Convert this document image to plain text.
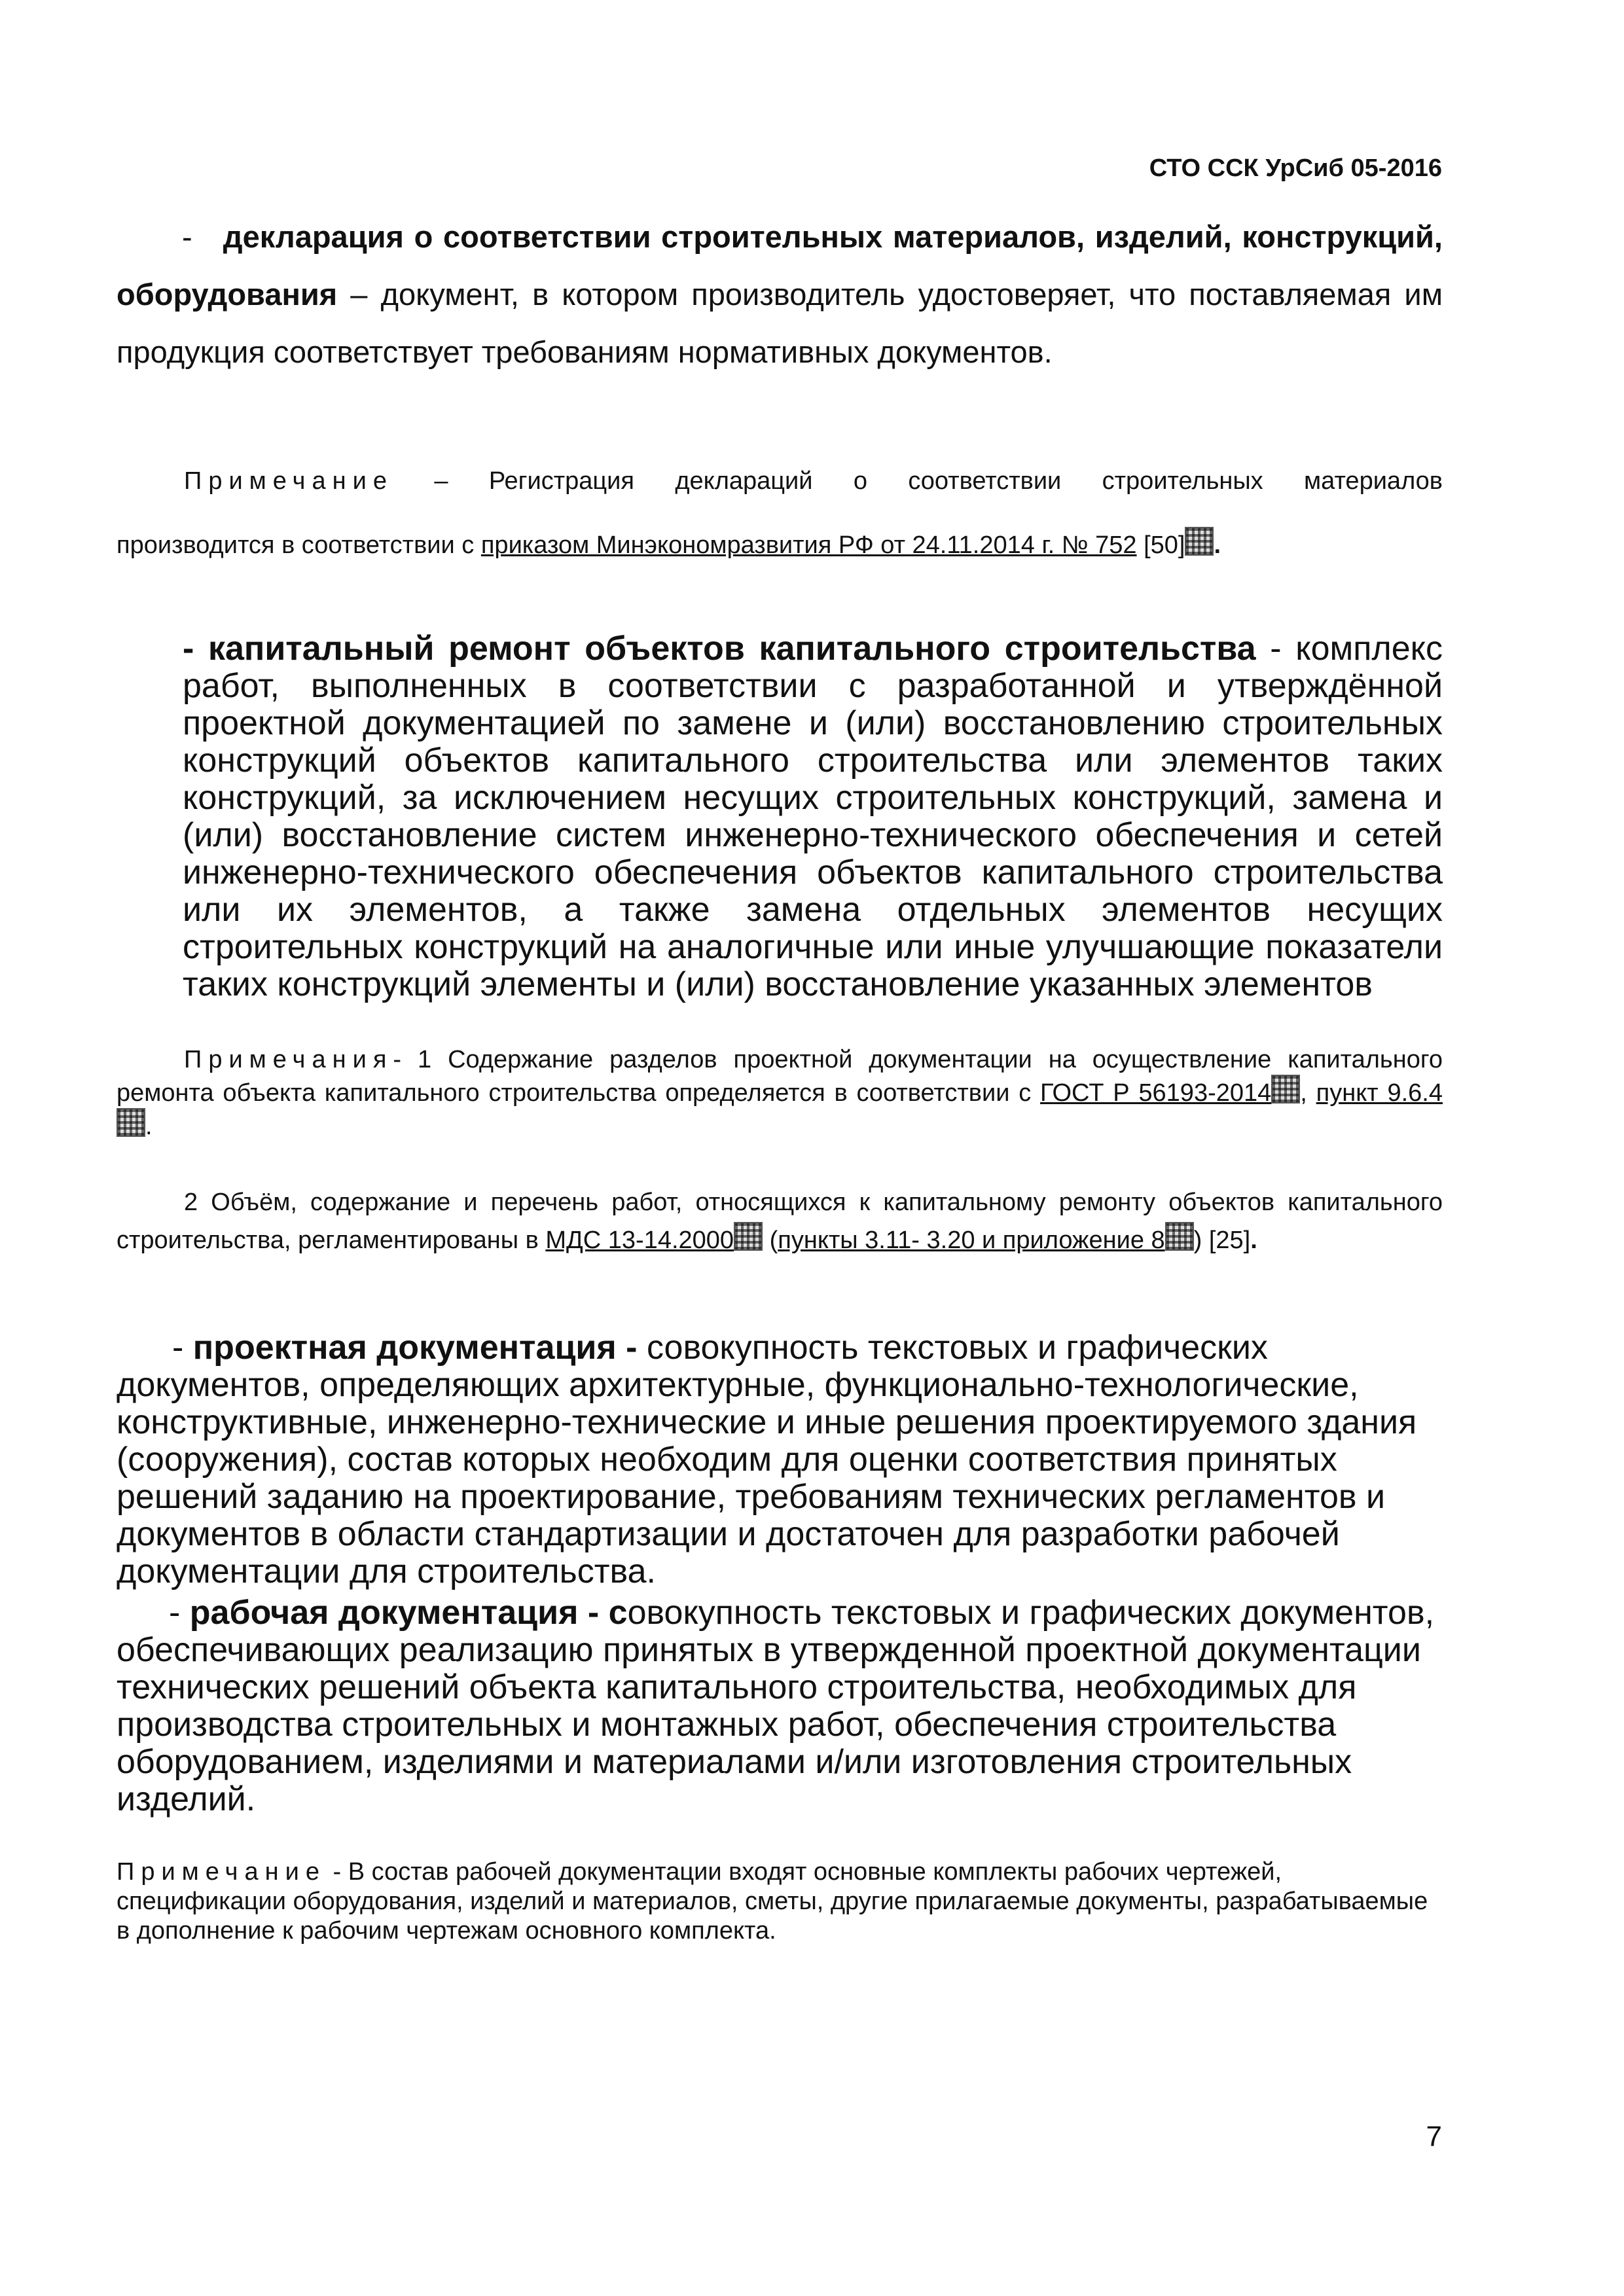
СТО ССК УрСиб 05-2016

- декларация о соответствии строительных материалов, изделий, конструкций, оборудования – документ, в котором производитель удостоверяет, что поставляемая им продукция соответствует требованиям нормативных документов.

Примечание – Регистрация деклараций о соответствии строительных материалов
производится в соответствии с приказом Минэкономразвития РФ от 24.11.2014 г. № 752 [50] .

- капитальный ремонт объектов капитального строительства - комплекс работ, выполненных в соответствии с разработанной и утверждённой проектной документацией по замене и (или) восстановлению строительных конструкций объектов капитального строительства или элементов таких конструкций, за исключением несущих строительных конструкций, замена и (или) восстановление систем инженерно-технического обеспечения и сетей инженерно-технического обеспечения объектов капитального строительства или их элементов, а также замена отдельных элементов несущих строительных конструкций на аналогичные или иные улучшающие показатели таких конструкций элементы и (или) восстановление указанных элементов

Примечания- 1 Содержание разделов проектной документации на осуществление капитального ремонта объекта капитального строительства определяется в соответствии с ГОСТ Р 56193-2014 , пункт 9.6.4.

2 Объём, содержание и перечень работ, относящихся к капитальному ремонту объектов капитального строительства, регламентированы в МДС 13-14.2000 (пункты 3.11- 3.20 и приложение 8 ) [25].

- проектная документация - совокупность текстовых и графических документов, определяющих архитектурные, функционально-технологические, конструктивные, инженерно-технические и иные решения проектируемого здания (сооружения), состав которых необходим для оценки соответствия принятых решений заданию на проектирование, требованиям технических регламентов и документов в области стандартизации и достаточен для разработки рабочей документации для строительства.

- рабочая документация - совокупность текстовых и графических документов, обеспечивающих реализацию принятых в утвержденной проектной документации технических решений объекта капитального строительства, необходимых для производства строительных и монтажных работ, обеспечения строительства оборудованием, изделиями и материалами и/или изготовления строительных изделий.

Примечание - В состав рабочей документации входят основные комплекты рабочих чертежей, спецификации оборудования, изделий и материалов, сметы, другие прилагаемые документы, разрабатываемые в дополнение к рабочим чертежам основного комплекта.

7
